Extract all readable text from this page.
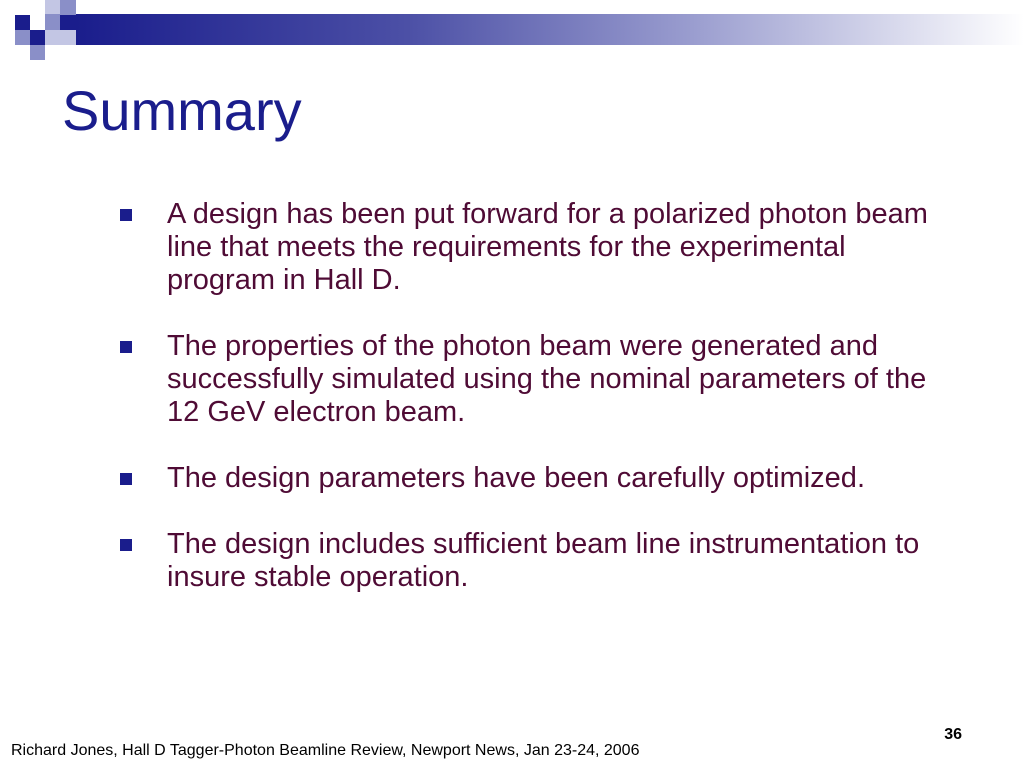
Summary
A design has been put forward for a polarized photon beam line that meets the requirements for the experimental program in Hall D.
The properties of the photon beam were generated and successfully simulated using the nominal parameters of the 12 GeV electron beam.
The design parameters have been carefully optimized.
The design includes sufficient beam line instrumentation to insure stable operation.
36
Richard Jones, Hall D Tagger-Photon Beamline Review, Newport News, Jan 23-24, 2006
